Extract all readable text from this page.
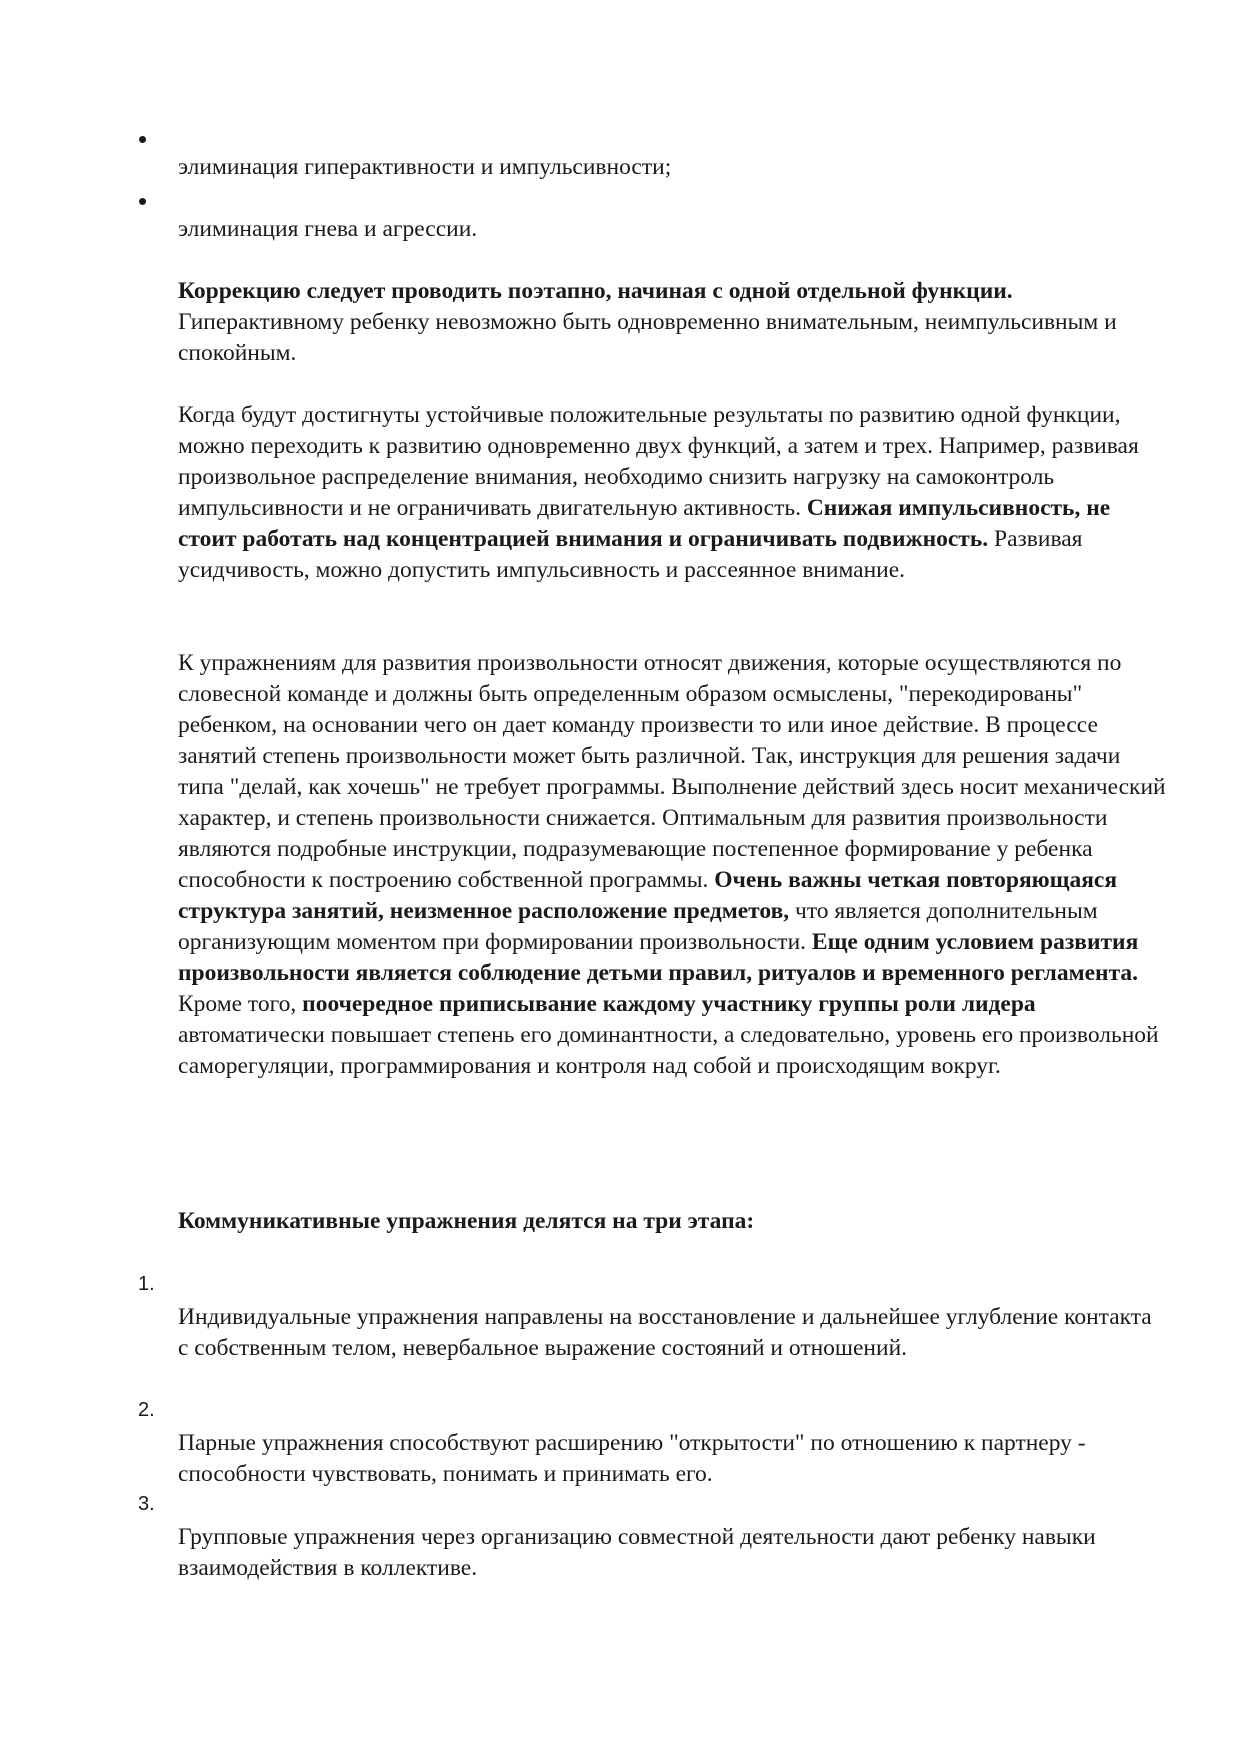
•
элиминация гиперактивности и импульсивности;
•
элиминация гнева и агрессии.

Коррекцию следует проводить поэтапно, начиная с одной отдельной функции. Гиперактивному ребенку невозможно быть одновременно внимательным, неимпульсивным и спокойным.

Когда будут достигнуты устойчивые положительные результаты по развитию одной функции, можно переходить к развитию одновременно двух функций, а затем и трех. Например, развивая произвольное распределение внимания, необходимо снизить нагрузку на самоконтроль импульсивности и не ограничивать двигательную активность. Снижая импульсивность, не стоит работать над концентрацией внимания и ограничивать подвижность. Развивая усидчивость, можно допустить импульсивность и рассеянное внимание.

К упражнениям для развития произвольности относят движения, которые осуществляются по словесной команде и должны быть определенным образом осмыслены, "перекодированы" ребенком, на основании чего он дает команду произвести то или иное действие. В процессе занятий степень произвольности может быть различной. Так, инструкция для решения задачи типа "делай, как хочешь" не требует программы. Выполнение действий здесь носит механический характер, и степень произвольности снижается. Оптимальным для развития произвольности являются подробные инструкции, подразумевающие постепенное формирование у ребенка способности к построению собственной программы. Очень важны четкая повторяющаяся структура занятий, неизменное расположение предметов, что является дополнительным организующим моментом при формировании произвольности. Еще одним условием развития произвольности является соблюдение детьми правил, ритуалов и временного регламента. Кроме того, поочередное приписывание каждому участнику группы роли лидера автоматически повышает степень его доминантности, а следовательно, уровень его произвольной саморегуляции, программирования и контроля над собой и происходящим вокруг.

Коммуникативные упражнения делятся на три этапа:

1.
Индивидуальные упражнения направлены на восстановление и дальнейшее углубление контакта с собственным телом, невербальное выражение состояний и отношений.
2.
Парные упражнения способствуют расширению "открытости" по отношению к партнеру - способности чувствовать, понимать и принимать его.
3.
Групповые упражнения через организацию совместной деятельности дают ребенку навыки взаимодействия в коллективе.
